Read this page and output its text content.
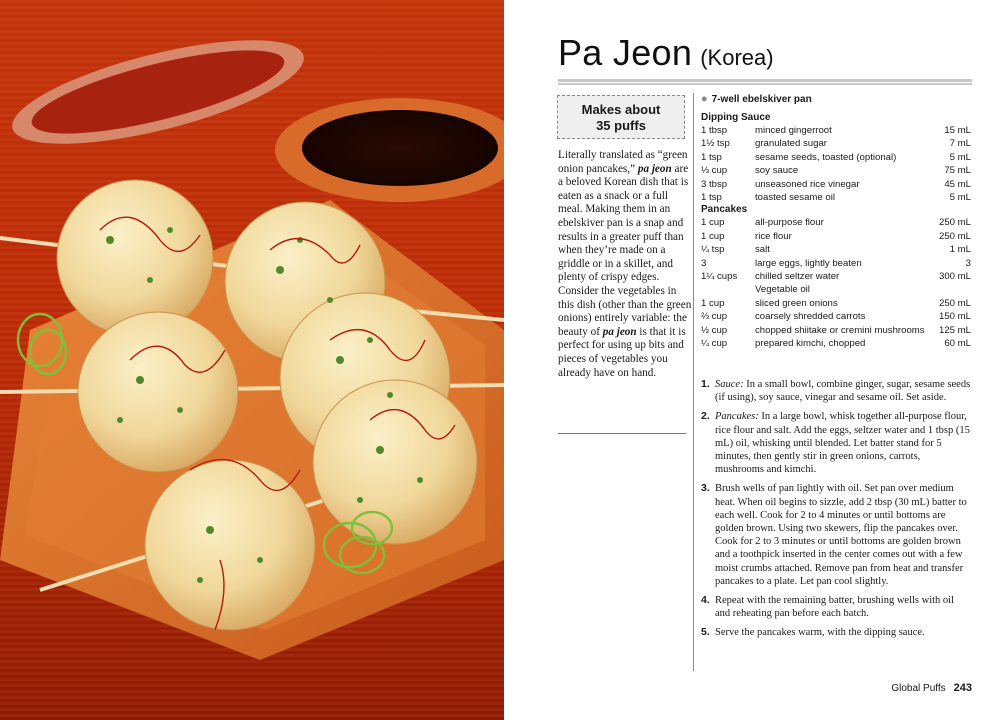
Pa Jeon (Korea)
Makes about
35 puffs
Literally translated as “green onion pancakes,” pa jeon are a beloved Korean dish that is eaten as a snack or a full meal. Making them in an ebelskiver pan is a snap and results in a greater puff than when they’re made on a griddle or in a skillet, and plenty of crispy edges. Consider the vegetables in this dish (other than the green onions) entirely variable: the beauty of pa jeon is that it is perfect for using up bits and pieces of vegetables you already have on hand.
● 7-well ebelskiver pan
Dipping Sauce
1 tbsp	minced gingerroot	15 mL
1½ tsp	granulated sugar	7 mL
1 tsp	sesame seeds, toasted (optional)	5 mL
⅓ cup	soy sauce	75 mL
3 tbsp	unseasoned rice vinegar	45 mL
1 tsp	toasted sesame oil	5 mL
Pancakes
1 cup	all-purpose flour	250 mL
1 cup	rice flour	250 mL
¼ tsp	salt	1 mL
3	large eggs, lightly beaten	3
1¼ cups	chilled seltzer water	300 mL
	Vegetable oil	
1 cup	sliced green onions	250 mL
⅔ cup	coarsely shredded carrots	150 mL
½ cup	chopped shiitake or cremini mushrooms	125 mL
¼ cup	prepared kimchi, chopped	60 mL
1. Sauce: In a small bowl, combine ginger, sugar, sesame seeds (if using), soy sauce, vinegar and sesame oil. Set aside.
2. Pancakes: In a large bowl, whisk together all-purpose flour, rice flour and salt. Add the eggs, seltzer water and 1 tbsp (15 mL) oil, whisking until blended. Let batter stand for 5 minutes, then gently stir in green onions, carrots, mushrooms and kimchi.
3. Brush wells of pan lightly with oil. Set pan over medium heat. When oil begins to sizzle, add 2 tbsp (30 mL) batter to each well. Cook for 2 to 4 minutes or until bottoms are golden brown. Using two skewers, flip the pancakes over. Cook for 2 to 3 minutes or until bottoms are golden brown and a toothpick inserted in the center comes out with a few moist crumbs attached. Remove pan from heat and transfer pancakes to a plate. Let pan cool slightly.
4. Repeat with the remaining batter, brushing wells with oil and reheating pan before each batch.
5. Serve the pancakes warm, with the dipping sauce.
Global Puffs 243
